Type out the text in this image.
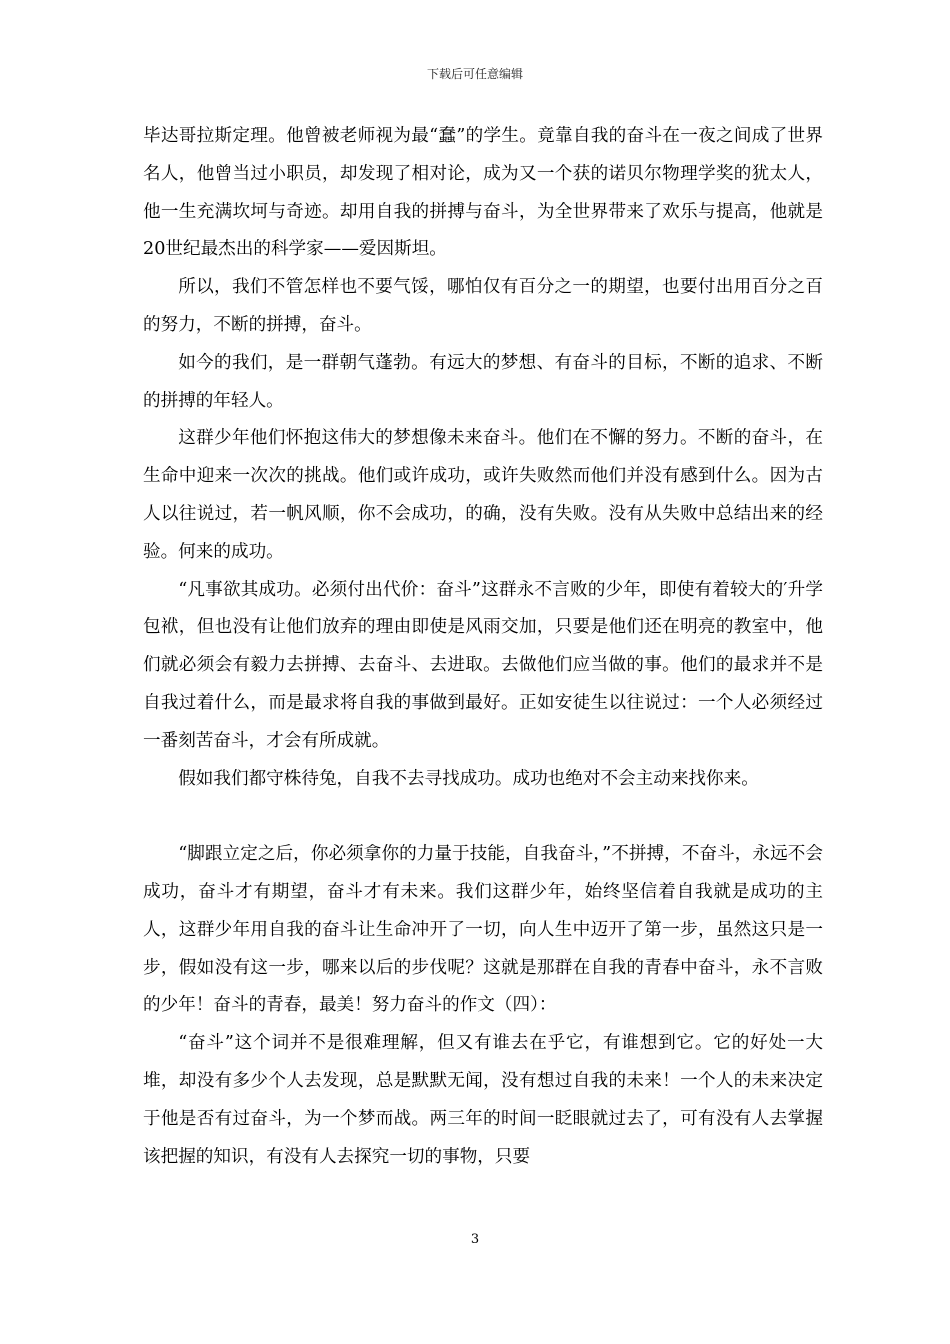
下载后可任意编辑

毕达哥拉斯定理。他曾被老师视为最“蠢”的学生。竟靠自我的奋斗在一夜之间成了世界名人，他曾当过小职员，却发现了相对论，成为又一个获的诺贝尔物理学奖的犹太人，他一生充满坎坷与奇迹。却用自我的拼搏与奋斗，为全世界带来了欢乐与提高，他就是20世纪最杰出的科学家——爱因斯坦。

所以，我们不管怎样也不要气馁，哪怕仅有百分之一的期望，也要付出用百分之百的努力，不断的拼搏，奋斗。

如今的我们，是一群朝气蓬勃。有远大的梦想、有奋斗的目标，不断的追求、不断的拼搏的年轻人。

这群少年他们怀抱这伟大的梦想像未来奋斗。他们在不懈的努力。不断的奋斗，在生命中迎来一次次的挑战。他们或许成功，或许失败然而他们并没有感到什么。因为古人以往说过，若一帆风顺，你不会成功，的确，没有失败。没有从失败中总结出来的经验。何来的成功。

“凡事欲其成功。必须付出代价：奋斗”这群永不言败的少年，即使有着较大的′升学包袱，但也没有让他们放弃的理由即使是风雨交加，只要是他们还在明亮的教室中，他们就必须会有毅力去拼搏、去奋斗、去进取。去做他们应当做的事。他们的最求并不是自我过着什么，而是最求将自我的事做到最好。正如安徒生以往说过：一个人必须经过一番刻苦奋斗，才会有所成就。

假如我们都守株待兔，自我不去寻找成功。成功也绝对不会主动来找你来。

“脚跟立定之后，你必须拿你的力量于技能，自我奋斗，”不拼搏，不奋斗，永远不会成功，奋斗才有期望，奋斗才有未来。我们这群少年，始终坚信着自我就是成功的主人，这群少年用自我的奋斗让生命冲开了一切，向人生中迈开了第一步，虽然这只是一步，假如没有这一步，哪来以后的步伐呢？这就是那群在自我的青春中奋斗，永不言败的少年！奋斗的青春，最美！努力奋斗的作文（四）：

“奋斗”这个词并不是很难理解，但又有谁去在乎它，有谁想到它。它的好处一大堆，却没有多少个人去发现，总是默默无闻，没有想过自我的未来！一个人的未来决定于他是否有过奋斗，为一个梦而战。两三年的时间一眨眼就过去了，可有没有人去掌握该把握的知识，有没有人去探究一切的事物，只要

3
